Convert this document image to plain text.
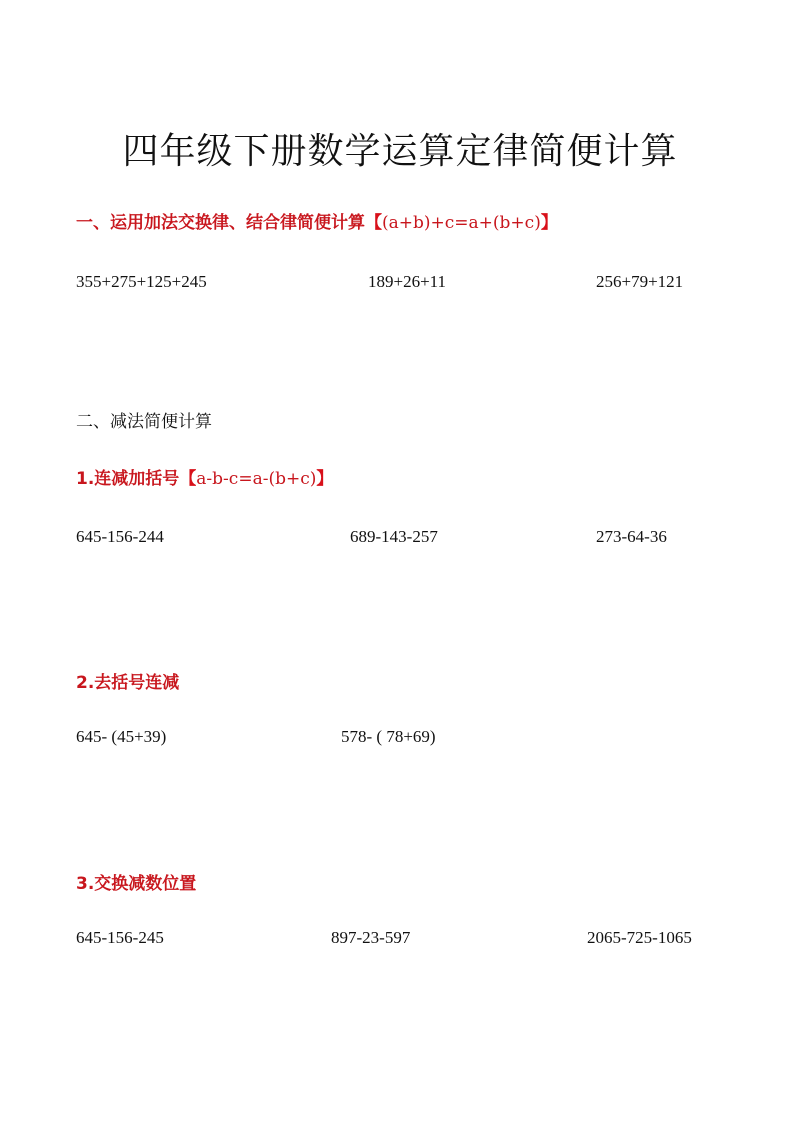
四年级下册数学运算定律简便计算
一、运用加法交换律、结合律简便计算【(a+b)+c=a+(b+c)】
355+275+125+245	189+26+11	256+79+121
二、减法简便计算
1.连减加括号【a-b-c=a-(b+c)】
645-156-244	689-143-257	273-64-36
2.去括号连减
645- (45+39)	578- ( 78+69)
3.交换减数位置
645-156-245	897-23-597	2065-725-1065
